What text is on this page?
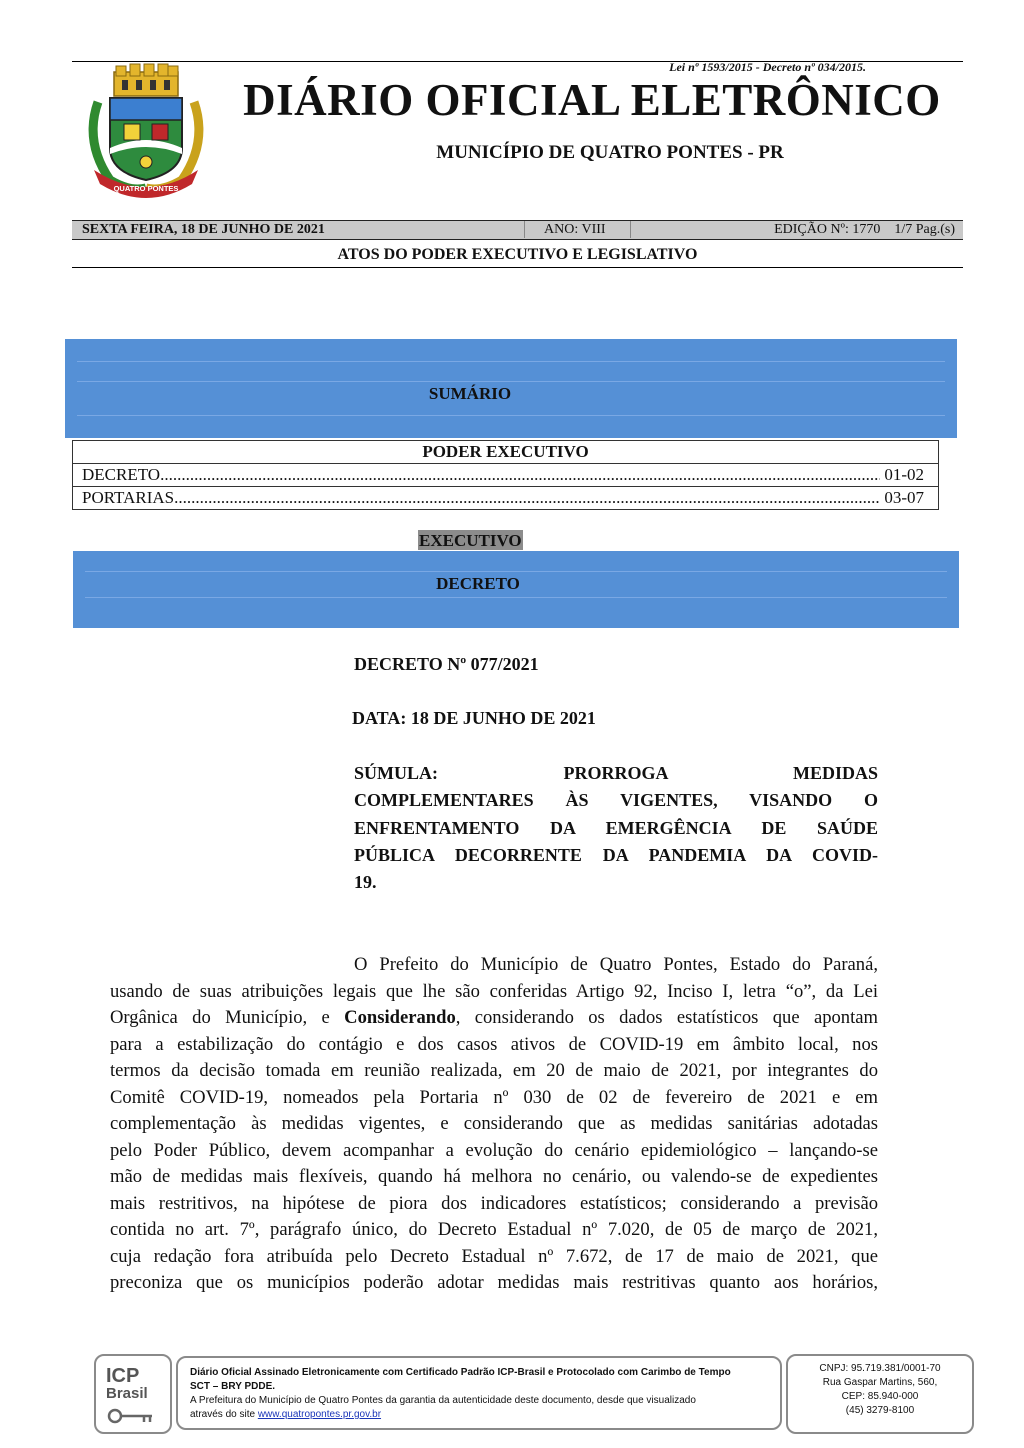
Lei nº 1593/2015 - Decreto nº 034/2015.
QUATRO PONTES
DIÁRIO OFICIAL ELETRÔNICO
MUNICÍPIO DE QUATRO PONTES - PR
SEXTA FEIRA, 18 DE JUNHO DE 2021	ANO: VIII	EDIÇÃO Nº: 1770    1/7 Pag.(s)
ATOS DO PODER EXECUTIVO E LEGISLATIVO
SUMÁRIO
PODER EXECUTIVO
DECRETO .....	01-02
PORTARIAS .....	03-07
EXECUTIVO
DECRETO
DECRETO Nº 077/2021
DATA: 18 DE JUNHO DE 2021
SÚMULA: PRORROGA MEDIDAS
COMPLEMENTARES ÀS VIGENTES, VISANDO O
ENFRENTAMENTO DA EMERGÊNCIA DE SAÚDE
PÚBLICA DECORRENTE DA PANDEMIA DA COVID-
19.
O Prefeito do Município de Quatro Pontes, Estado do Paraná,
usando de suas atribuições legais que lhe são conferidas Artigo 92, Inciso I, letra “o”, da Lei
Orgânica do Município, e Considerando, considerando os dados estatísticos que apontam
para a estabilização do contágio e dos casos ativos de COVID-19 em âmbito local, nos
termos da decisão tomada em reunião realizada, em 20 de maio de 2021, por integrantes do
Comitê COVID-19, nomeados pela Portaria nº 030 de 02 de fevereiro de 2021 e em
complementação às medidas vigentes, e considerando que as medidas sanitárias adotadas
pelo Poder Público, devem acompanhar a evolução do cenário epidemiológico – lançando-se
mão de medidas mais flexíveis, quando há melhora no cenário, ou valendo-se de expedientes
mais restritivos, na hipótese de piora dos indicadores estatísticos; considerando a previsão
contida no art. 7º, parágrafo único, do Decreto Estadual nº 7.020, de 05 de março de 2021,
cuja redação fora atribuída pelo Decreto Estadual nº 7.672, de 17 de maio de 2021, que
preconiza que os municípios poderão adotar medidas mais restritivas quanto aos horários,
ICP
Brasil
Diário Oficial Assinado Eletronicamente com Certificado Padrão ICP-Brasil e Protocolado com Carimbo de Tempo
SCT – BRY PDDE.
A Prefeitura do Município de Quatro Pontes da garantia da autenticidade deste documento, desde que visualizado
através do site www.quatropontes.pr.gov.br
CNPJ: 95.719.381/0001-70
Rua Gaspar Martins, 560,
CEP: 85.940-000
(45) 3279-8100
